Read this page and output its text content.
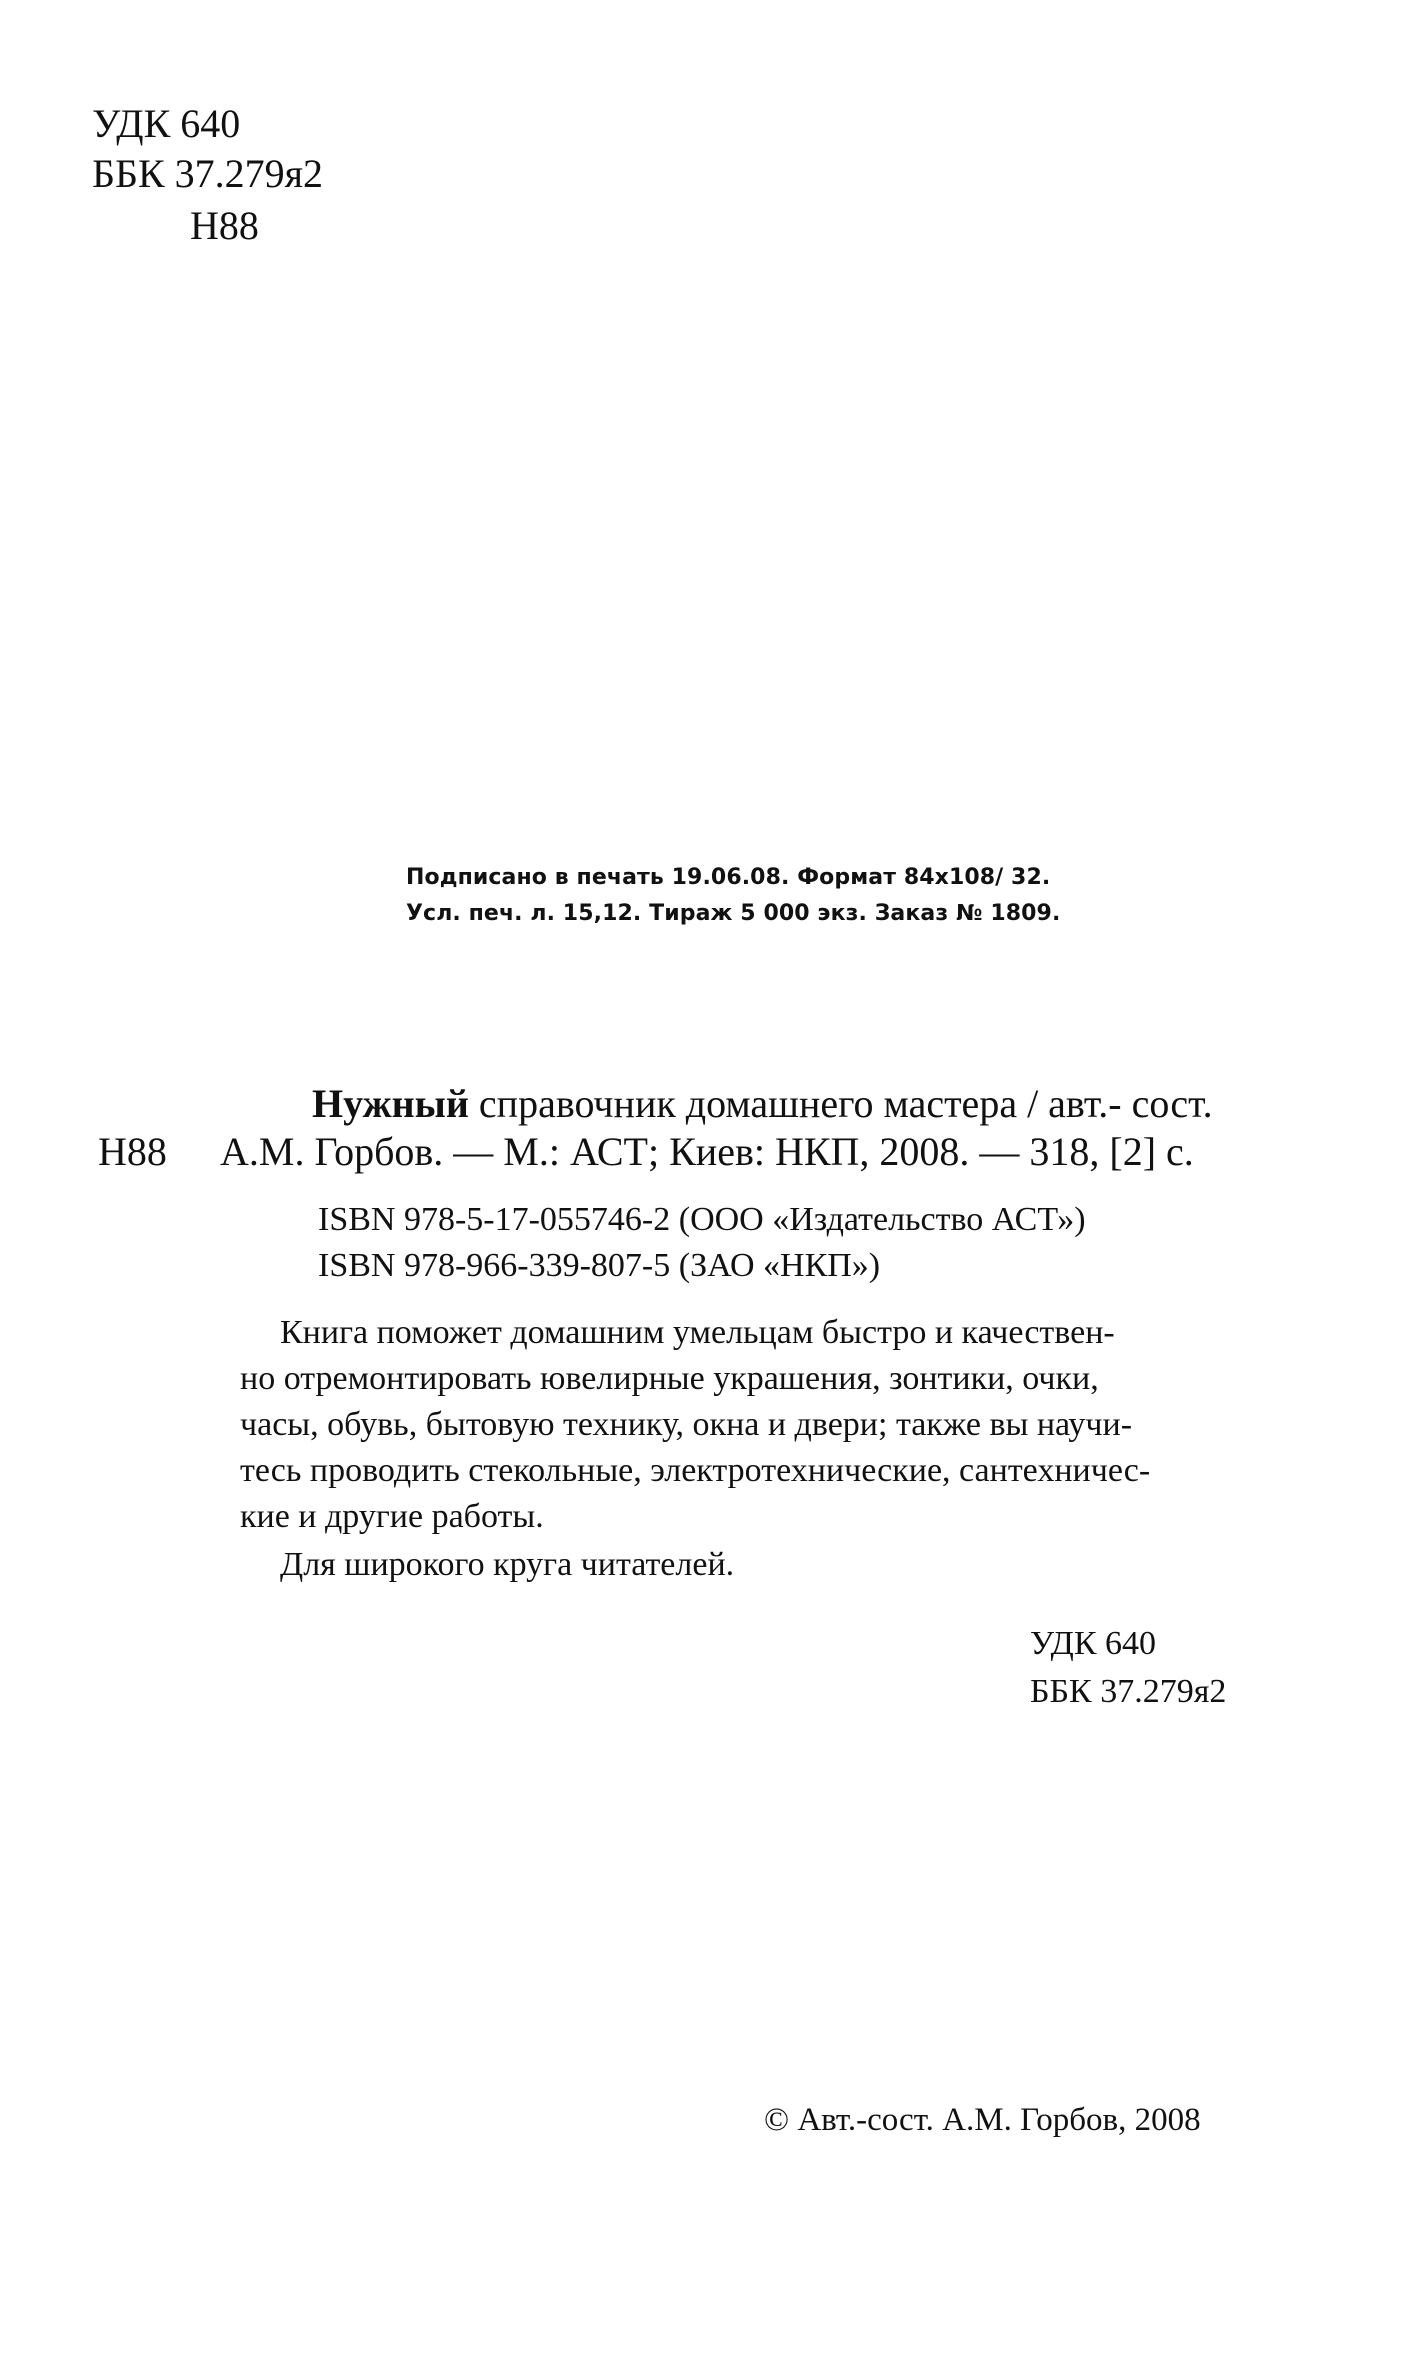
УДК 640
ББК 37.279я2
Н88
Подписано в печать 19.06.08. Формат 84х108/ 32.
Усл. печ. л. 15,12. Тираж 5 000 экз. Заказ № 1809.
Нужный справочник домашнего мастера / авт.- сост.
Н88 А.М. Горбов. — М.: АСТ; Киев: НКП, 2008. — 318, [2] с.
ISBN 978-5-17-055746-2 (ООО «Издательство АСТ»)
ISBN 978-966-339-807-5 (ЗАО «НКП»)
Книга поможет домашним умельцам быстро и качествен-
но отремонтировать ювелирные украшения, зонтики, очки,
часы, обувь, бытовую технику, окна и двери; также вы научи-
тесь проводить стекольные, электротехнические, сантехничес-
кие и другие работы.
Для широкого круга читателей.
УДК 640
ББК 37.279я2
© Авт.-сост. А.М. Горбов, 2008
